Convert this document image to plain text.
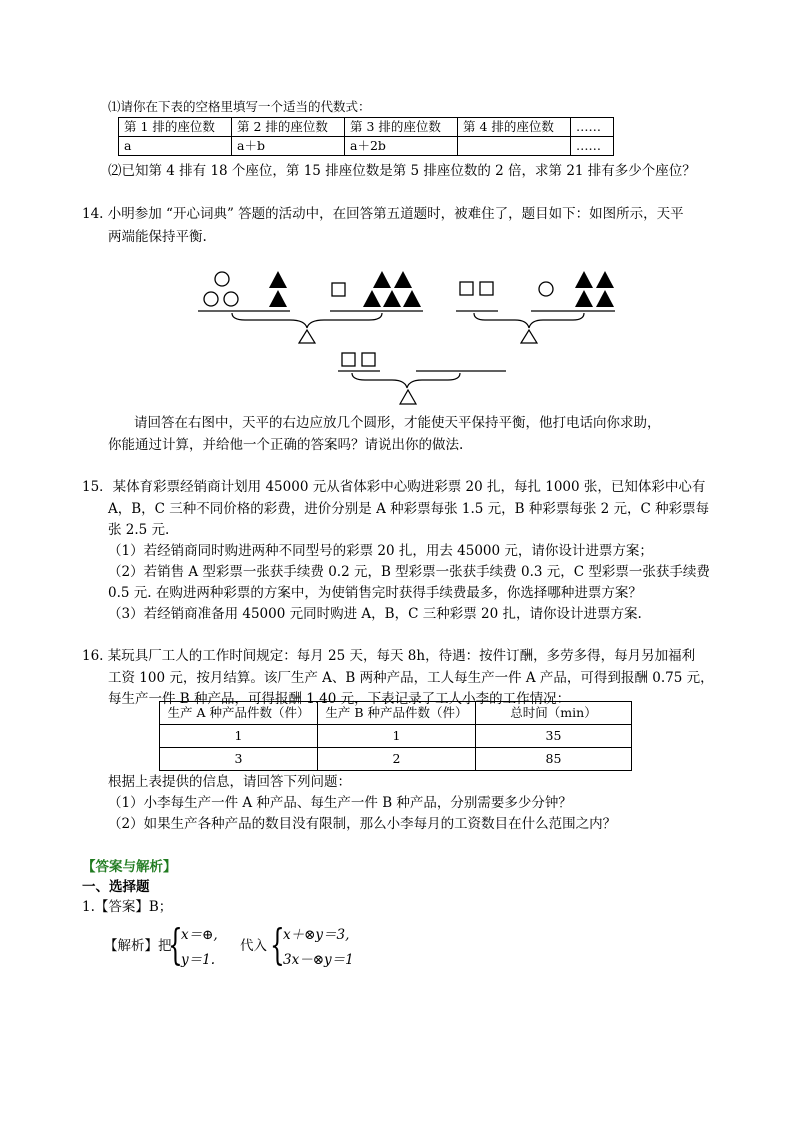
⑴请你在下表的空格里填写一个适当的代数式：
第 1 排的座位数	第 2 排的座位数	第 3 排的座位数	第 4 排的座位数	……
a	a＋b	a＋2b		……
⑵已知第 4 排有 18 个座位，第 15 排座位数是第 5 排座位数的 2 倍，求第 21 排有多少个座位？
14. 小明参加 “开心词典” 答题的活动中，在回答第五道题时，被难住了，题目如下：如图所示，天平
两端能保持平衡.
请回答在右图中，天平的右边应放几个圆形，才能使天平保持平衡，他打电话向你求助，
你能通过计算，并给他一个正确的答案吗？请说出你的做法.
15．某体育彩票经销商计划用 45000 元从省体彩中心购进彩票 20 扎，每扎 1000 张，已知体彩中心有
A，B，C 三种不同价格的彩费，进价分别是 A 种彩票每张 1.5 元，B 种彩票每张 2 元，C 种彩票每
张 2.5 元.
（1）若经销商同时购进两种不同型号的彩票 20 扎，用去 45000 元，请你设计进票方案；
（2）若销售 A 型彩票一张获手续费 0.2 元，B 型彩票一张获手续费 0.3 元，C 型彩票一张获手续费
0.5 元. 在购进两种彩票的方案中，为使销售完时获得手续费最多，你选择哪种进票方案？
（3）若经销商准备用 45000 元同时购进 A，B，C 三种彩票 20 扎，请你设计进票方案.
16. 某玩具厂工人的工作时间规定：每月 25 天，每天 8h，待遇：按件订酬，多劳多得，每月另加福利
工资 100 元，按月结算。该厂生产 A、B 两种产品，工人每生产一件 A 产品，可得到报酬 0.75 元，
每生产一件 B 种产品，可得报酬 1.40 元，下表记录了工人小李的工作情况：
生产 A 种产品件数（件）	生产 B 种产品件数（件）	总时间（min）
1	1	35
3	2	85
根据上表提供的信息，请回答下列问题：
（1）小李每生产一件 A 种产品、每生产一件 B 种产品，分别需要多少分钟？
（2）如果生产各种产品的数目没有限制，那么小李每月的工资数目在什么范围之内？
【答案与解析】
一、选择题
1.【答案】B；
【解析】把
{
x＝⊕,
y＝1.
代入 {
x＋⊗y＝3,
3x－⊗y＝1
